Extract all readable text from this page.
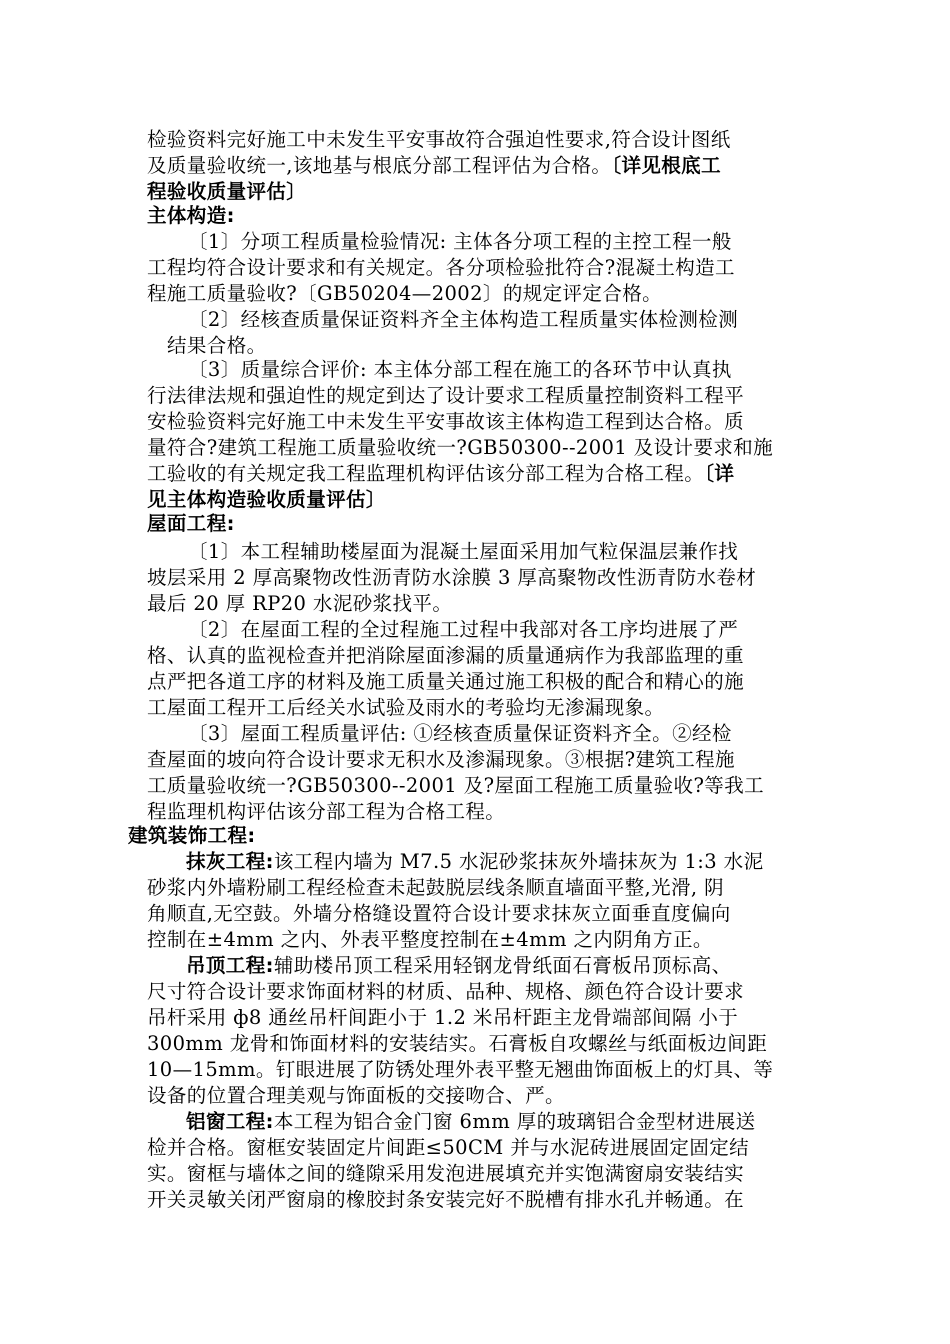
检验资料完好施工中未发生平安事故符合强迫性要求,符合设计图纸
及质量验收统一,该地基与根底分部工程评估为合格。〔详见根底工
程验收质量评估〕
主体构造:
〔1〕分项工程质量检验情况: 主体各分项工程的主控工程一般
工程均符合设计要求和有关规定。各分项检验批符合?混凝土构造工
程施工质量验收?〔GB50204—2002〕的规定评定合格。
〔2〕经核查质量保证资料齐全主体构造工程质量实体检测检测
结果合格。
〔3〕质量综合评价: 本主体分部工程在施工的各环节中认真执
行法律法规和强迫性的规定到达了设计要求工程质量控制资料工程平
安检验资料完好施工中未发生平安事故该主体构造工程到达合格。质
量符合?建筑工程施工质量验收统一?GB50300--2001 及设计要求和施
工验收的有关规定我工程监理机构评估该分部工程为合格工程。〔详
见主体构造验收质量评估〕
屋面工程:
〔1〕本工程辅助楼屋面为混凝土屋面采用加气粒保温层兼作找
坡层采用 2 厚高聚物改性沥青防水涂膜 3 厚高聚物改性沥青防水卷材
最后 20 厚 RP20 水泥砂浆找平。
〔2〕在屋面工程的全过程施工过程中我部对各工序均进展了严
格、认真的监视检查并把消除屋面渗漏的质量通病作为我部监理的重
点严把各道工序的材料及施工质量关通过施工积极的配合和精心的施
工屋面工程开工后经关水试验及雨水的考验均无渗漏现象。
〔3〕屋面工程质量评估: ①经核查质量保证资料齐全。②经检
查屋面的坡向符合设计要求无积水及渗漏现象。③根据?建筑工程施
工质量验收统一?GB50300--2001 及?屋面工程施工质量验收?等我工
程监理机构评估该分部工程为合格工程。
建筑装饰工程:
抹灰工程:该工程内墙为 M7.5 水泥砂浆抹灰外墙抹灰为 1:3 水泥
砂浆内外墙粉刷工程经检查未起鼓脱层线条顺直墙面平整,光滑, 阴
角顺直,无空鼓。外墙分格缝设置符合设计要求抹灰立面垂直度偏向
控制在±4mm 之内、外表平整度控制在±4mm 之内阴角方正。
吊顶工程:辅助楼吊顶工程采用轻钢龙骨纸面石膏板吊顶标高、
尺寸符合设计要求饰面材料的材质、品种、规格、颜色符合设计要求
吊杆采用 ф8 通丝吊杆间距小于 1.2 米吊杆距主龙骨端部间隔 小于
300mm 龙骨和饰面材料的安装结实。石膏板自攻螺丝与纸面板边间距
10—15mm。钉眼进展了防锈处理外表平整无翘曲饰面板上的灯具、等
设备的位置合理美观与饰面板的交接吻合、严。
铝窗工程:本工程为铝合金门窗 6mm 厚的玻璃铝合金型材进展送
检并合格。窗框安装固定片间距≤50CM 并与水泥砖进展固定固定结
实。窗框与墙体之间的缝隙采用发泡进展填充并实饱满窗扇安装结实
开关灵敏关闭严窗扇的橡胶封条安装完好不脱槽有排水孔并畅通。在
